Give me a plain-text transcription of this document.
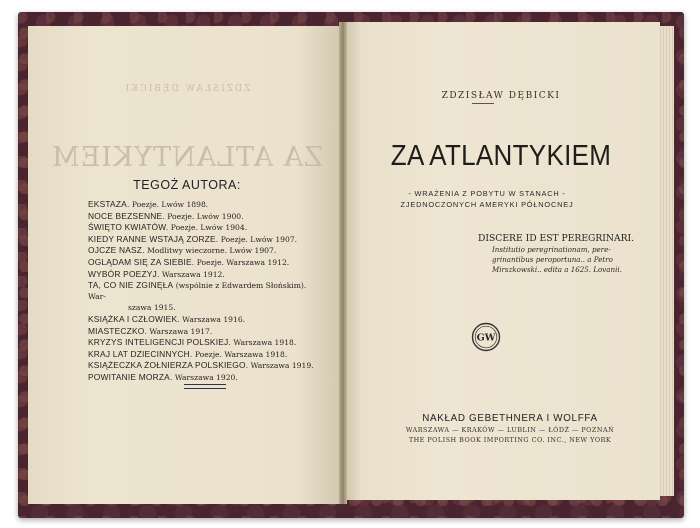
ZDZISŁAW DĘBICKI
ZA ATLANTYKIEM
TEGOŻ AUTORA:
EKSTAZA. Poezje. Lwów 1898.
NOCE BEZSENNE. Poezje. Lwów 1900.
ŚWIĘTO KWIATÓW. Poezje. Lwów 1904.
KIEDY RANNE WSTAJĄ ZORZE. Poezje. Lwów 1907.
OJCZE NASZ. Modlitwy wieczorne. Lwów 1907.
OGLĄDAM SIĘ ZA SIEBIE. Poezje. Warszawa 1912.
WYBÓR POEZYJ. Warszawa 1912.
TA, CO NIE ZGINĘŁA (wspólnie z Edwardem Słońskim). War-
szawa 1915.
KSIĄŻKA I CZŁOWIEK. Warszawa 1916.
MIASTECZKO. Warszawa 1917.
KRYZYS INTELIGENCJI POLSKIEJ. Warszawa 1918.
KRAJ LAT DZIECINNYCH. Poezje. Warszawa 1918.
KSIĄŻECZKA ŻOŁNIERZA POLSKIEGO. Warszawa 1919.
POWITANIE MORZA. Warszawa 1920.
ZDZISŁAW DĘBICKI
ZA ATLANTYKIEM
- WRAŻENIA Z POBYTU W STANACH -
ZJEDNOCZONYCH AMERYKI PÓŁNOCNEJ
DISCERE ID EST PEREGRINARI.
Institutio peregrinationam, pere-
grinantibus peroportuna.. a Petro
Mirszkowski.. edita a 1625. Lovanii.
GW
NAKŁAD GEBETHNERA I WOLFFA
WARSZAWA — KRAKÓW — LUBLIN — ŁÓDŹ — POZNAŃ
THE POLISH BOOK IMPORTING CO. INC., NEW YORK
